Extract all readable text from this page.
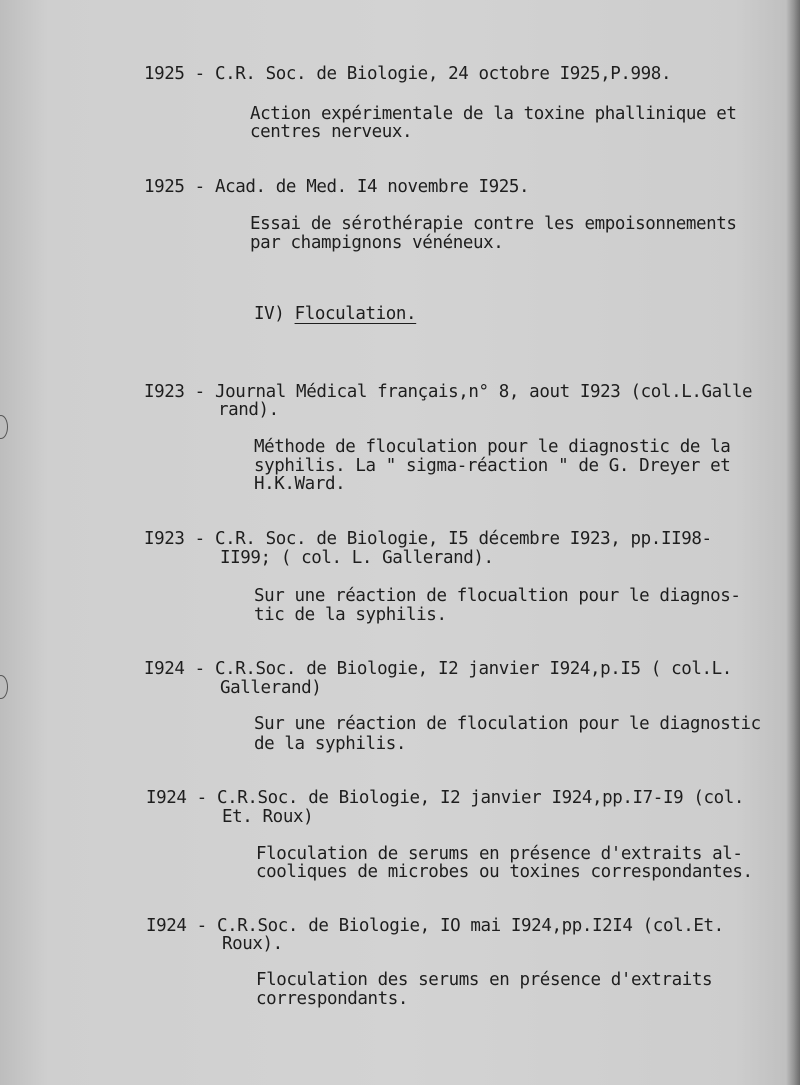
1925 - C.R. Soc. de Biologie, 24 octobre I925,P.998.
Action expérimentale de la toxine phallinique et
centres nerveux.
1925 - Acad. de Med. I4 novembre I925.
Essai de sérothérapie contre les empoisonnements
par champignons vénéneux.
IV) Floculation.
I923 - Journal Médical français,n° 8, aout I923 (col.L.Galle
rand).
Méthode de floculation pour le diagnostic de la
syphilis. La " sigma-réaction " de G. Dreyer et
H.K.Ward.
I923 - C.R. Soc. de Biologie, I5 décembre I923, pp.II98-
II99; ( col. L. Gallerand).
Sur une réaction de flocualtion pour le diagnos-
tic de la syphilis.
I924 - C.R.Soc. de Biologie, I2 janvier I924,p.I5 ( col.L.
Gallerand)
Sur une réaction de floculation pour le diagnostic
de la syphilis.
I924 - C.R.Soc. de Biologie, I2 janvier I924,pp.I7-I9 (col.
Et. Roux)
Floculation de serums en présence d'extraits al-
cooliques de microbes ou toxines correspondantes.
I924 - C.R.Soc. de Biologie, IO mai I924,pp.I2I4 (col.Et.
Roux).
Floculation des serums en présence d'extraits
correspondants.
